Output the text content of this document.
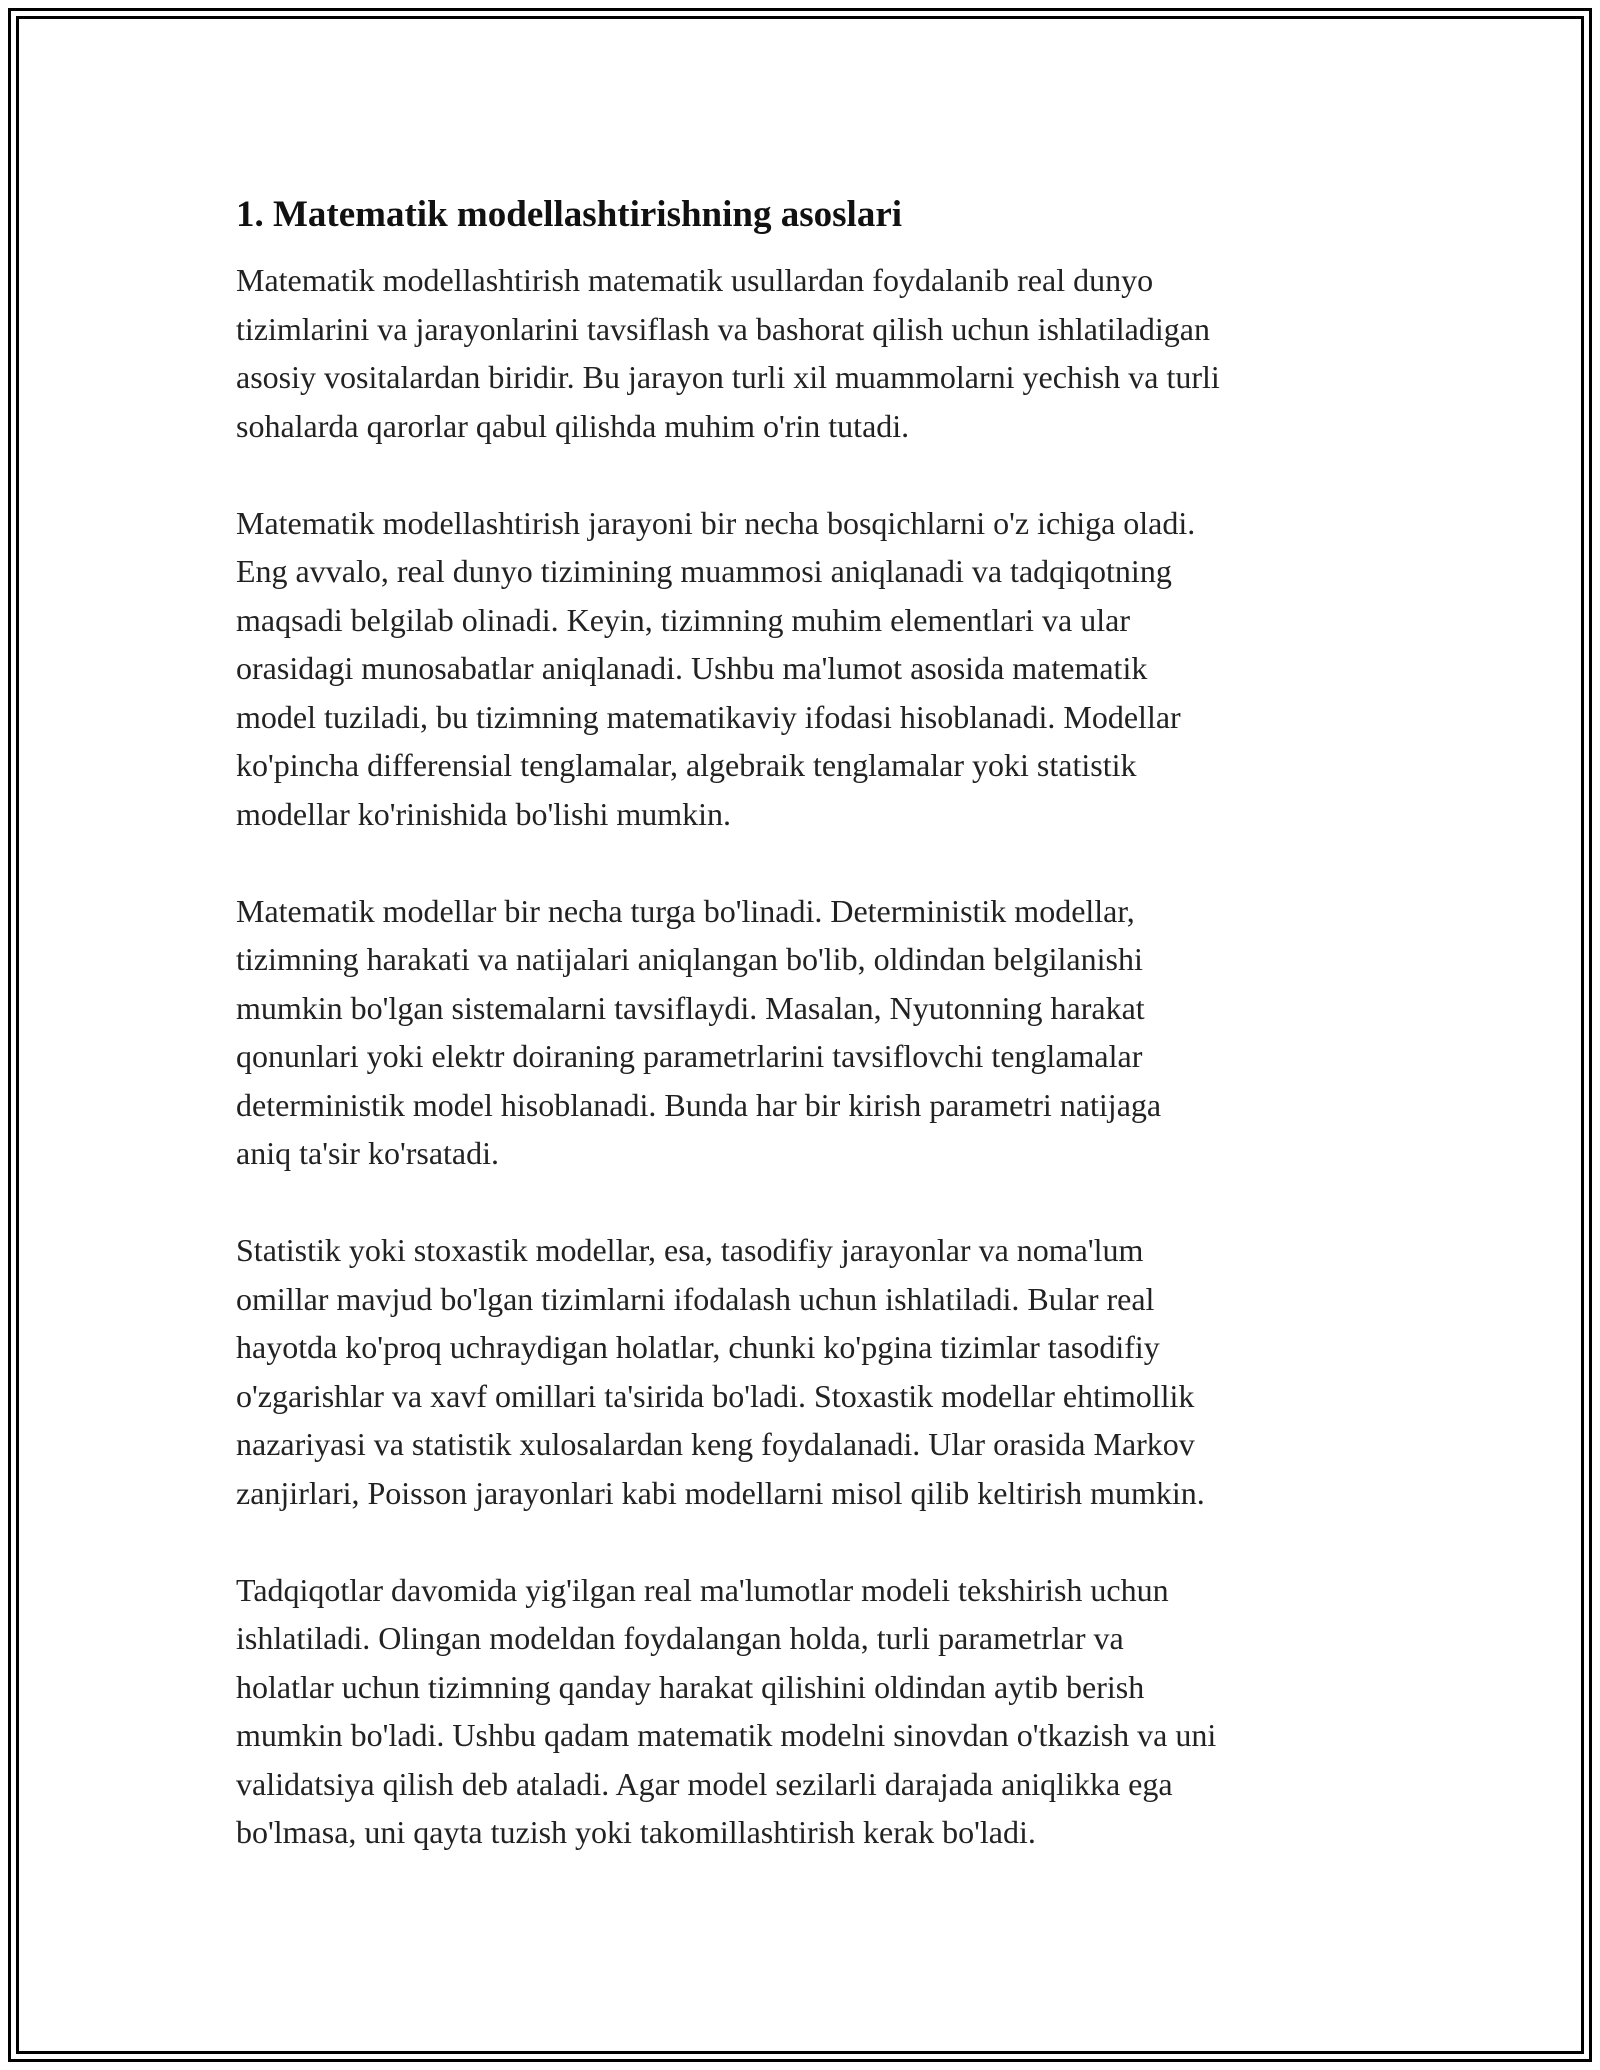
1. Matematik modellashtirishning asoslari

Matematik modellashtirish matematik usullardan foydalanib real dunyo
tizimlarini va jarayonlarini tavsiflash va bashorat qilish uchun ishlatiladigan
asosiy vositalardan biridir. Bu jarayon turli xil muammolarni yechish va turli
sohalarda qarorlar qabul qilishda muhim o'rin tutadi.

Matematik modellashtirish jarayoni bir necha bosqichlarni o'z ichiga oladi.
Eng avvalo, real dunyo tizimining muammosi aniqlanadi va tadqiqotning
maqsadi belgilab olinadi. Keyin, tizimning muhim elementlari va ular
orasidagi munosabatlar aniqlanadi. Ushbu ma'lumot asosida matematik
model tuziladi, bu tizimning matematikaviy ifodasi hisoblanadi. Modellar
ko'pincha differensial tenglamalar, algebraik tenglamalar yoki statistik
modellar ko'rinishida bo'lishi mumkin.

Matematik modellar bir necha turga bo'linadi. Deterministik modellar,
tizimning harakati va natijalari aniqlangan bo'lib, oldindan belgilanishi
mumkin bo'lgan sistemalarni tavsiflaydi. Masalan, Nyutonning harakat
qonunlari yoki elektr doiraning parametrlarini tavsiflovchi tenglamalar
deterministik model hisoblanadi. Bunda har bir kirish parametri natijaga
aniq ta'sir ko'rsatadi.

Statistik yoki stoxastik modellar, esa, tasodifiy jarayonlar va noma'lum
omillar mavjud bo'lgan tizimlarni ifodalash uchun ishlatiladi. Bular real
hayotda ko'proq uchraydigan holatlar, chunki ko'pgina tizimlar tasodifiy
o'zgarishlar va xavf omillari ta'sirida bo'ladi. Stoxastik modellar ehtimollik
nazariyasi va statistik xulosalardan keng foydalanadi. Ular orasida Markov
zanjirlari, Poisson jarayonlari kabi modellarni misol qilib keltirish mumkin.

Tadqiqotlar davomida yig'ilgan real ma'lumotlar modeli tekshirish uchun
ishlatiladi. Olingan modeldan foydalangan holda, turli parametrlar va
holatlar uchun tizimning qanday harakat qilishini oldindan aytib berish
mumkin bo'ladi. Ushbu qadam matematik modelni sinovdan o'tkazish va uni
validatsiya qilish deb ataladi. Agar model sezilarli darajada aniqlikka ega
bo'lmasa, uni qayta tuzish yoki takomillashtirish kerak bo'ladi.
